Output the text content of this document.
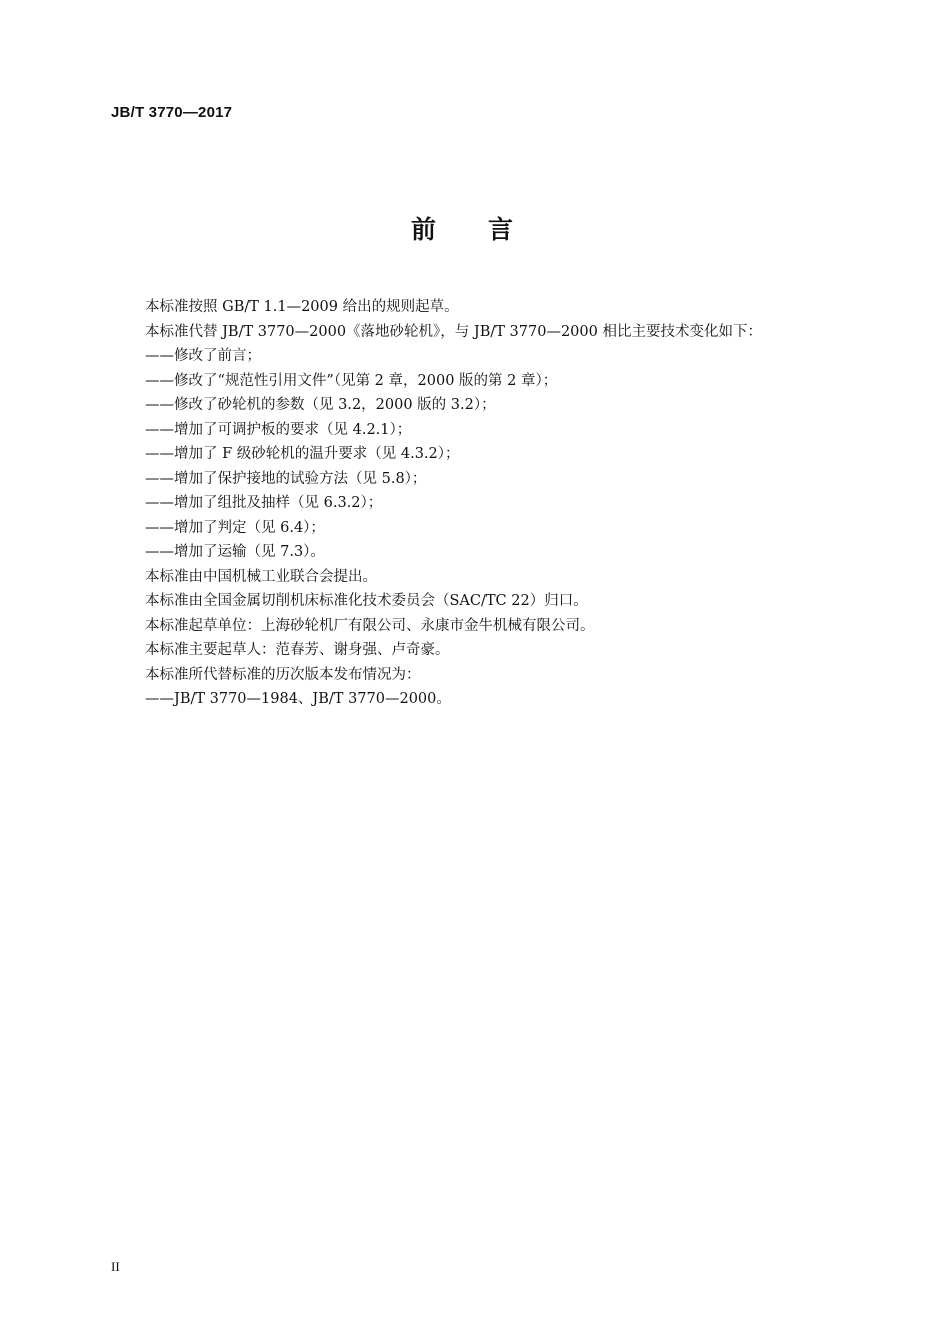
JB/T 3770—2017
前言
本标准按照 GB/T 1.1—2009 给出的规则起草。
本标准代替 JB/T 3770—2000《落地砂轮机》，与 JB/T 3770—2000 相比主要技术变化如下：
——修改了前言；
——修改了“规范性引用文件”（见第 2 章，2000 版的第 2 章）；
——修改了砂轮机的参数（见 3.2，2000 版的 3.2）；
——增加了可调护板的要求（见 4.2.1）；
——增加了 F 级砂轮机的温升要求（见 4.3.2）；
——增加了保护接地的试验方法（见 5.8）；
——增加了组批及抽样（见 6.3.2）；
——增加了判定（见 6.4）；
——增加了运输（见 7.3）。
本标准由中国机械工业联合会提出。
本标准由全国金属切削机床标准化技术委员会（SAC/TC 22）归口。
本标准起草单位：上海砂轮机厂有限公司、永康市金牛机械有限公司。
本标准主要起草人：范春芳、谢身强、卢奇豪。
本标准所代替标准的历次版本发布情况为：
——JB/T 3770—1984、JB/T 3770—2000。
II
